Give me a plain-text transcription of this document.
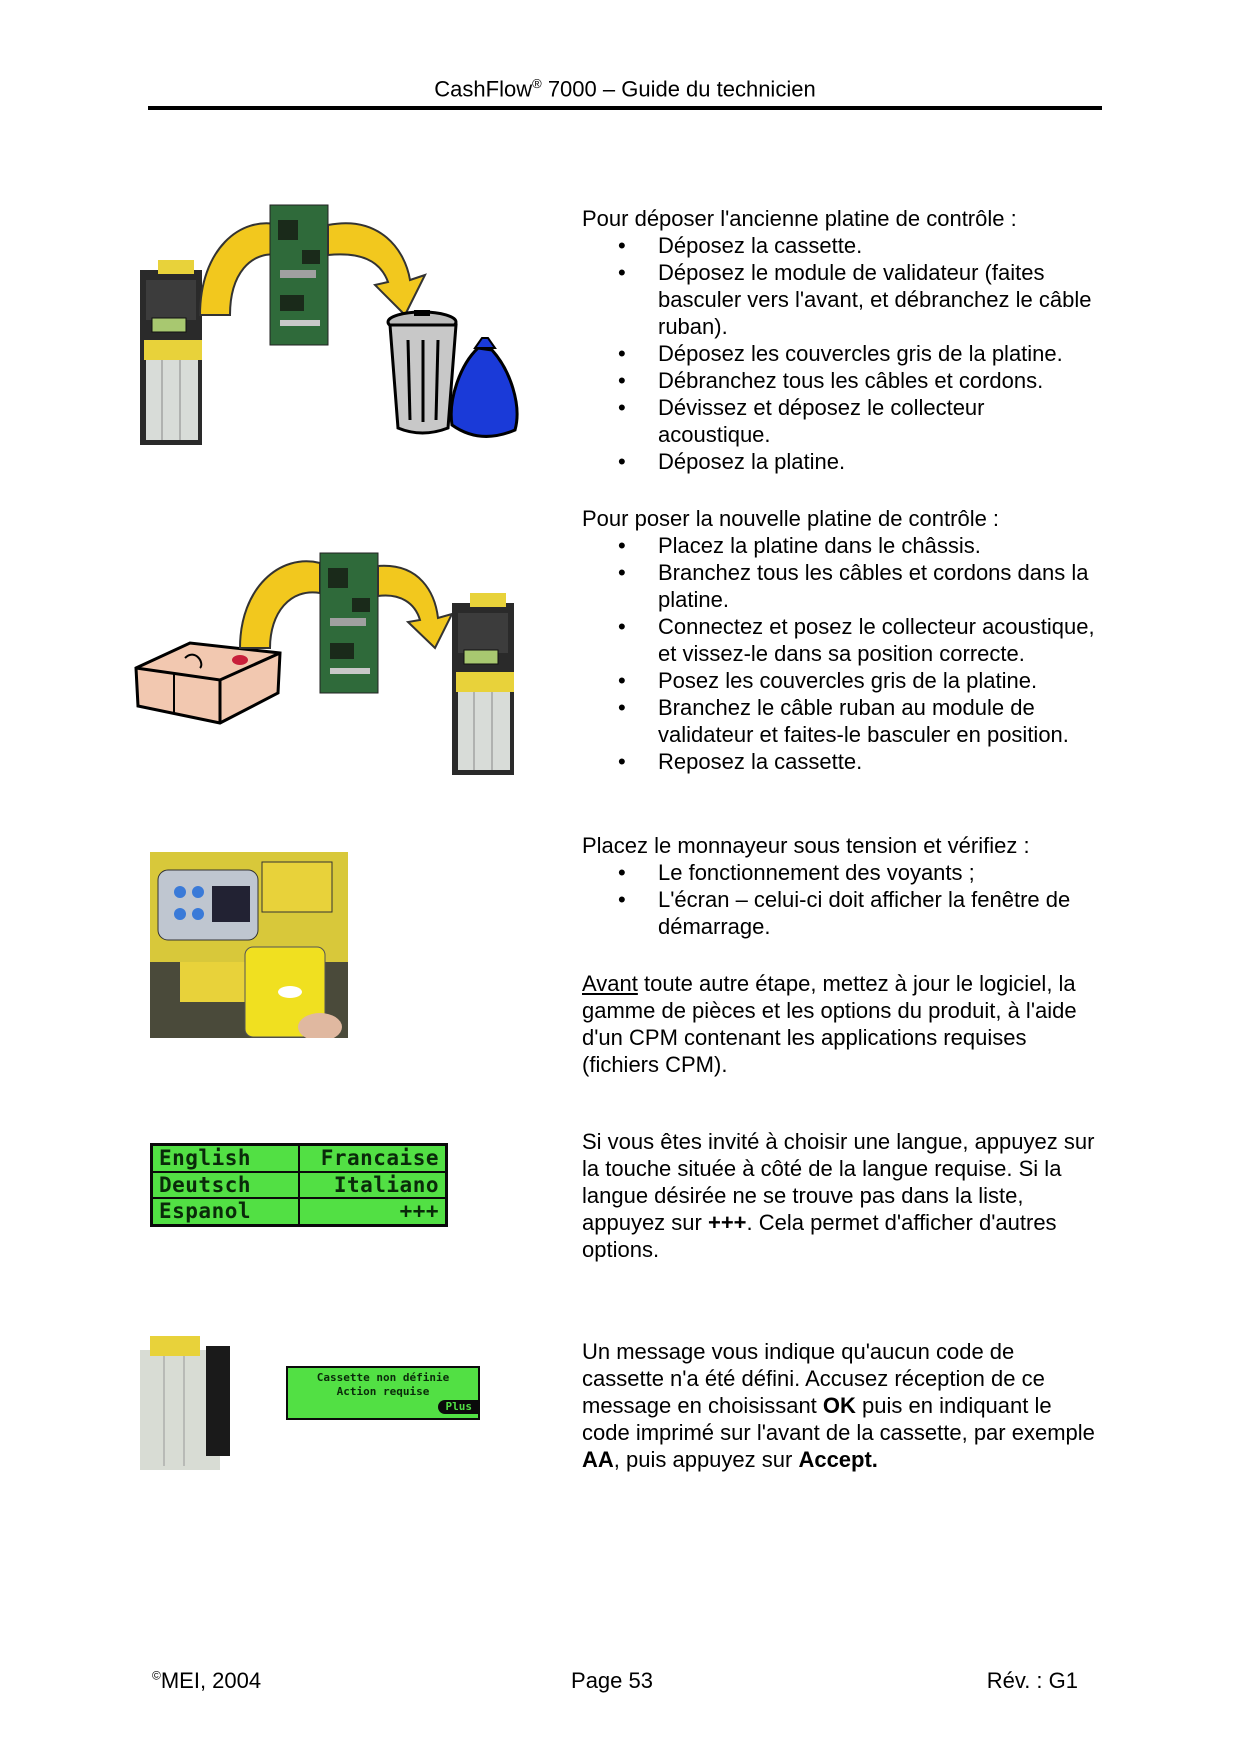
CashFlow® 7000 – Guide du technicien
English	Francaise
Deutsch	Italiano
Espanol	+++
Cassette non définie
Action requise
Plus

Pour déposer l'ancienne platine de contrôle :

• Déposez la cassette.
• Déposez le module de validateur (faites basculer vers l'avant, et débranchez le câble ruban).
• Déposez les couvercles gris de la platine.
• Débranchez tous les câbles et cordons.
• Dévissez et déposez le collecteur acoustique.
• Déposez la platine.

Pour poser la nouvelle platine de contrôle :

• Placez la platine dans le châssis.
• Branchez tous les câbles et cordons dans la platine.
• Connectez et posez le collecteur acoustique, et vissez-le dans sa position correcte.
• Posez les couvercles gris de la platine.
• Branchez le câble ruban au module de validateur et faites-le basculer en position.
• Reposez la cassette.

Placez le monnayeur sous tension et vérifiez :

• Le fonctionnement des voyants ;
• L'écran – celui-ci doit afficher la fenêtre de démarrage.

Avant toute autre étape, mettez à jour le logiciel, la gamme de pièces et les options du produit, à l'aide d'un CPM contenant les applications requises (fichiers CPM).

Si vous êtes invité à choisir une langue, appuyez sur la touche située à côté de la langue requise. Si la langue désirée ne se trouve pas dans la liste, appuyez sur +++. Cela permet d'afficher d'autres options.

Un message vous indique qu'aucun code de cassette n'a été défini. Accusez réception de ce message en choisissant OK puis en indiquant le code imprimé sur l'avant de la cassette, par exemple AA, puis appuyez sur Accept.

©MEI, 2004	Page 53	Rév. : G1
